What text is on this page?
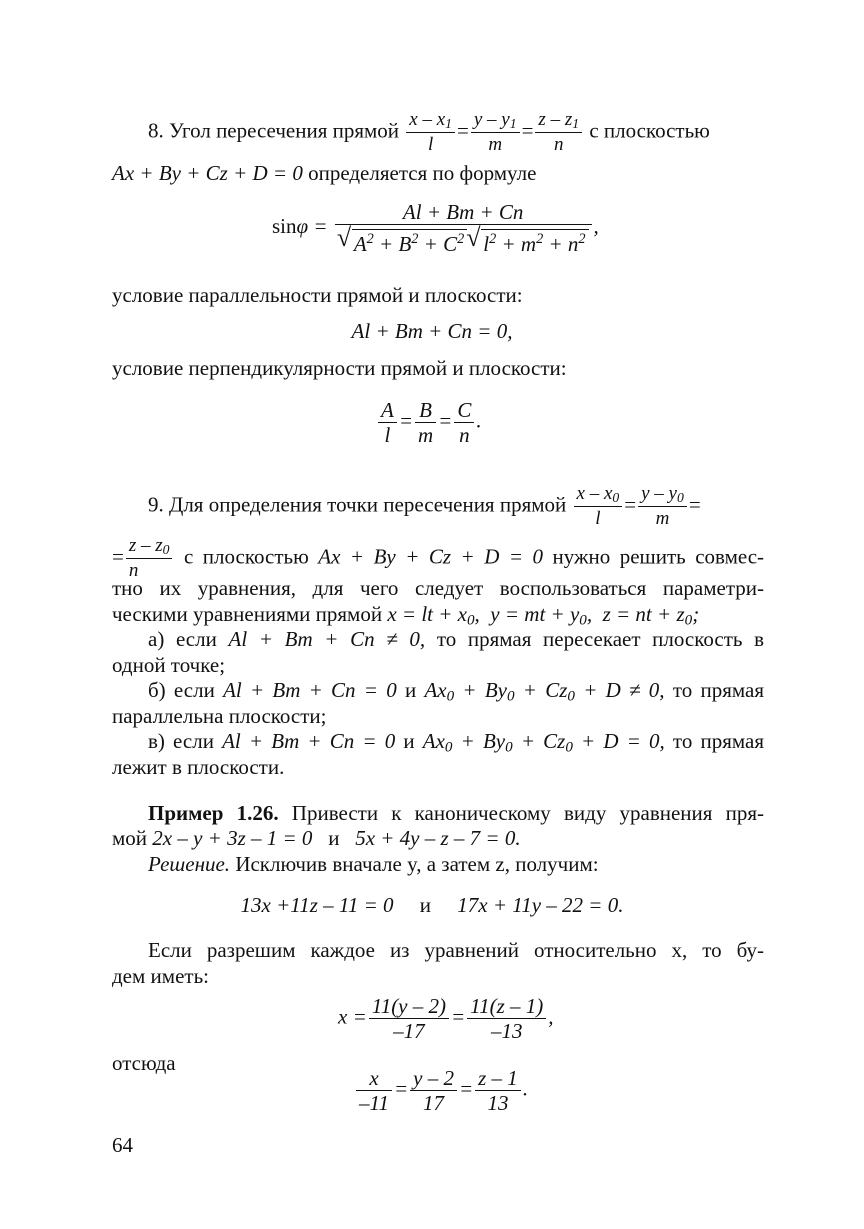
8. Угол пересечения прямой $\frac{x - x_1}{l} = \frac{y - y_1}{m} = \frac{z - z_1}{n}$ с плоскостью
Ax + By + Cz + D = 0 определяется по формуле
sinφ = Al + Bm + Cn
√ $A^2 + B^2 + C^2√$ $l^2 + m^2 + n^2$ ,
условие параллельности прямой и плоскости:
Al + Bm + Cn = 0,
условие перпендикулярности прямой и плоскости:
$\frac{A}{l} = \frac{B}{m} = \frac{C}{n}$ .
9. Для определения точки пересечения прямой $\frac{x - x_0}{l} = \frac{y - y_0}{m}$ =
= $\frac{z - z_0}{n}$ с плоскостью Ax + By + Cz + D = 0 нужно решить совмес-
тно их уравнения, для чего следует воспользоваться параметри-
ческими уравнениями прямой x = lt + $x_0$,  y = mt + $y_0$,  z = nt + $z_0$;
а) если Al + Bm + Cn ≠ 0, то прямая пересекает плоскость в
одной точке;
б) если Al + Bm + Cn = 0 и $Ax_0 + By_0 + Cz_0 + D \ne 0$, то прямая
параллельна плоскости;
в) если Al + Bm + Cn = 0 и $Ax_0 + By_0 + Cz_0 + D = 0$, то прямая
лежит в плоскости.
Пример 1.26. Привести к каноническому виду уравнения пря-
мой 2x – y + 3z – 1 = 0   и   5x + 4y – z – 7 = 0.
Решение. Исключив вначале y, а затем z, получим:
13x +11z – 11 = 0 и 17x + 11y – 22 = 0.
Если разрешим каждое из уравнений относительно x, то бу-
дем иметь:
$x = \frac{11(y - 2)}{-17} = \frac{11(z - 1)}{-13}$ ,
отсюда
$\frac{x}{-11} = \frac{y - 2}{17} = \frac{z - 1}{13}$ .
64
